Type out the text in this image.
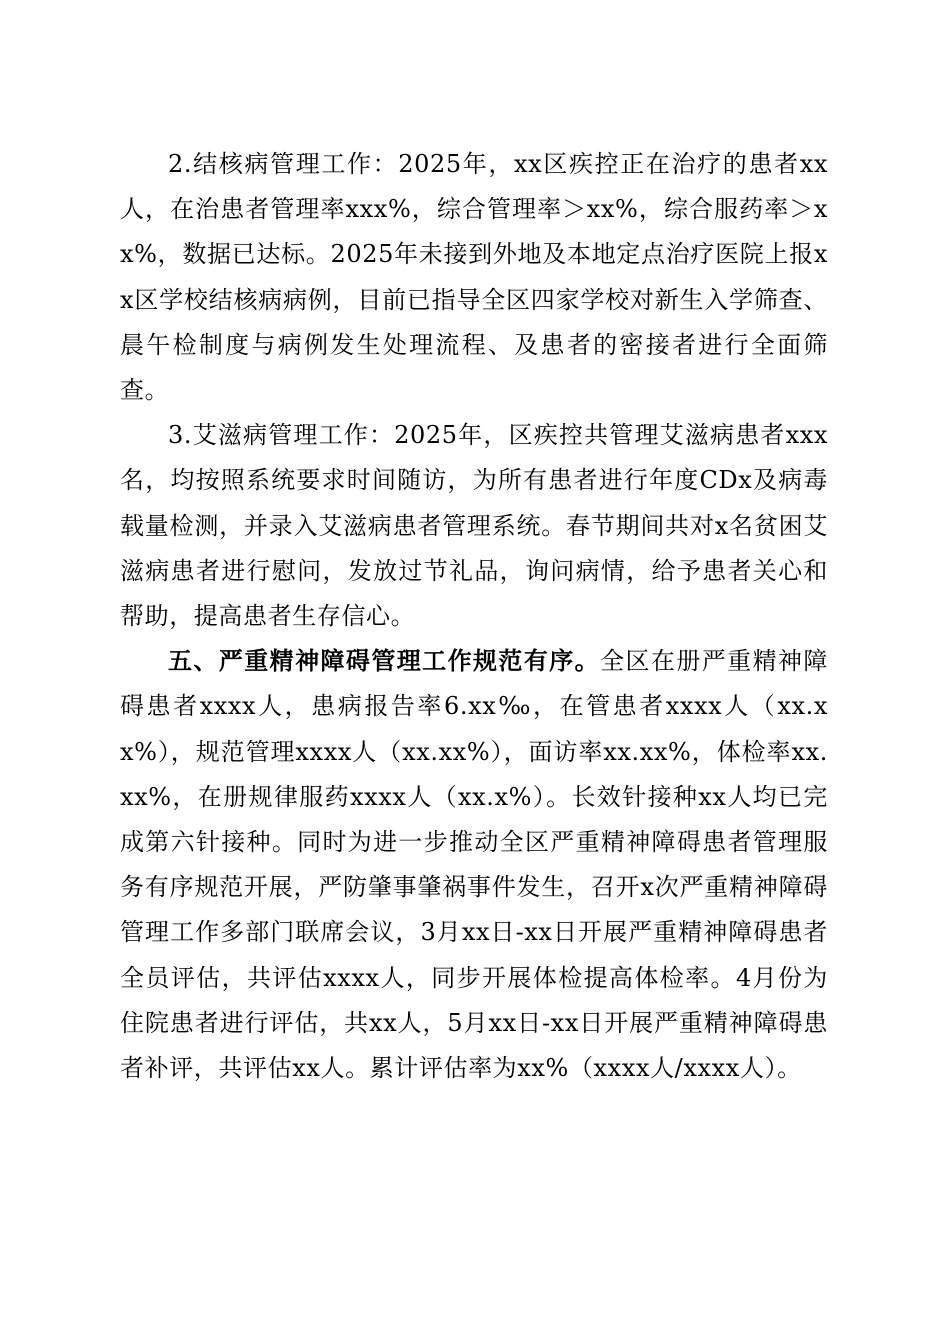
2.结核病管理工作：2025年，xx区疾控正在治疗的患者xx人，在治患者管理率xxx%，综合管理率＞xx%，综合服药率＞xx%，数据已达标。2025年未接到外地及本地定点治疗医院上报xx区学校结核病病例，目前已指导全区四家学校对新生入学筛查、晨午检制度与病例发生处理流程、及患者的密接者进行全面筛查。

3.艾滋病管理工作：2025年，区疾控共管理艾滋病患者xxx名，均按照系统要求时间随访，为所有患者进行年度CDx及病毒载量检测，并录入艾滋病患者管理系统。春节期间共对x名贫困艾滋病患者进行慰问，发放过节礼品，询问病情，给予患者关心和帮助，提高患者生存信心。

五、严重精神障碍管理工作规范有序。全区在册严重精神障碍患者xxxx人，患病报告率6.xx‰，在管患者xxxx人（xx.xx%），规范管理xxxx人（xx.xx%），面访率xx.xx%，体检率xx.xx%，在册规律服药xxxx人（xx.x%）。长效针接种xx人均已完成第六针接种。同时为进一步推动全区严重精神障碍患者管理服务有序规范开展，严防肇事肇祸事件发生，召开x次严重精神障碍管理工作多部门联席会议，3月xx日-xx日开展严重精神障碍患者全员评估，共评估xxxx人，同步开展体检提高体检率。4月份为住院患者进行评估，共xx人，5月xx日-xx日开展严重精神障碍患者补评，共评估xx人。累计评估率为xx%（xxxx人/xxxx人）。
